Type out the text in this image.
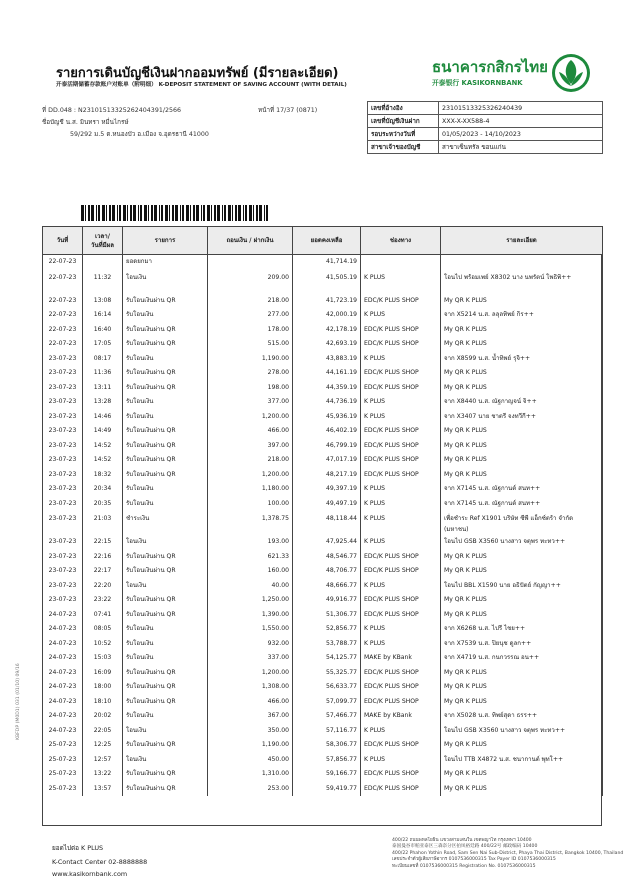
รายการเดินบัญชีเงินฝากออมทรัพย์ (มีรายละเอียด)
开泰活期储蓄存款账户对账单（附明细） K-DEPOSIT STATEMENT OF SAVING ACCOUNT (WITH DETAIL)
ธนาคารกสิกรไทย
开泰银行 KASIKORNBANK
ที่ DD.048 : N23101513325262404391/2566	หน้าที่ 17/37 (0871)
ชื่อบัญชี น.ส. มินทรา หมื่นไกรษ์
59/292 ม.5 ต.หนองบัว อ.เมือง จ.อุดรธานี 41000
เลขที่อ้างอิง	23101513325326240439
เลขที่บัญชีเงินฝาก	XXX-X-XX588-4
รอบระหว่างวันที่	01/05/2023 - 14/10/2023
สาขาเจ้าของบัญชี	สาขาเซ็นทรัล ขอนแก่น
วันที่	เวลา/
วันที่มีผล	รายการ	ถอนเงิน / ฝากเงิน	ยอดคงเหลือ	ช่องทาง	รายละเอียด
22-07-23		ยอดยกมา		41,714.19		
22-07-23	11:32	โอนเงิน	209.00	41,505.19	K PLUS	โอนไป พร้อมเพย์ X8302 นาง นพรัตน์ โพธิพิ++
22-07-23	13:08	รับโอนเงินผ่าน QR	218.00	41,723.19	EDC/K PLUS SHOP	My QR K PLUS
22-07-23	16:14	รับโอนเงิน	277.00	42,000.19	K PLUS	จาก X5214 น.ส. ลลุลทิพย์ กิร++
22-07-23	16:40	รับโอนเงินผ่าน QR	178.00	42,178.19	EDC/K PLUS SHOP	My QR K PLUS
22-07-23	17:05	รับโอนเงินผ่าน QR	515.00	42,693.19	EDC/K PLUS SHOP	My QR K PLUS
23-07-23	08:17	รับโอนเงิน	1,190.00	43,883.19	K PLUS	จาก X8599 น.ส. น้ำทิพย์ รุจิ++
23-07-23	11:36	รับโอนเงินผ่าน QR	278.00	44,161.19	EDC/K PLUS SHOP	My QR K PLUS
23-07-23	13:11	รับโอนเงินผ่าน QR	198.00	44,359.19	EDC/K PLUS SHOP	My QR K PLUS
23-07-23	13:28	รับโอนเงิน	377.00	44,736.19	K PLUS	จาก X8440 น.ส. ณัฐกาญจน์ จิ++
23-07-23	14:46	รับโอนเงิน	1,200.00	45,936.19	K PLUS	จาก X3407 นาย ชาตรี จงทวีกี++
23-07-23	14:49	รับโอนเงินผ่าน QR	466.00	46,402.19	EDC/K PLUS SHOP	My QR K PLUS
23-07-23	14:52	รับโอนเงินผ่าน QR	397.00	46,799.19	EDC/K PLUS SHOP	My QR K PLUS
23-07-23	14:52	รับโอนเงินผ่าน QR	218.00	47,017.19	EDC/K PLUS SHOP	My QR K PLUS
23-07-23	18:32	รับโอนเงินผ่าน QR	1,200.00	48,217.19	EDC/K PLUS SHOP	My QR K PLUS
23-07-23	20:34	รับโอนเงิน	1,180.00	49,397.19	K PLUS	จาก X7145 น.ส. ณัฐกานต์ สนท++
23-07-23	20:35	รับโอนเงิน	100.00	49,497.19	K PLUS	จาก X7145 น.ส. ณัฐกานต์ สนท++
23-07-23	21:03	ชำระเงิน	1,378.75	48,118.44	K PLUS	เพื่อชำระ Ref X1901 บริษัท ซีพี แอ็กซ์ตร้า จำกัด (มหาชน)
23-07-23	22:15	โอนเงิน	193.00	47,925.44	K PLUS	โอนไป GSB X3560 นางสาว จตุพร ทะทว++
23-07-23	22:16	รับโอนเงินผ่าน QR	621.33	48,546.77	EDC/K PLUS SHOP	My QR K PLUS
23-07-23	22:17	รับโอนเงินผ่าน QR	160.00	48,706.77	EDC/K PLUS SHOP	My QR K PLUS
23-07-23	22:20	โอนเงิน	40.00	48,666.77	K PLUS	โอนไป BBL X1590 นาย อธิปัตย์ กัญญา++
23-07-23	23:22	รับโอนเงินผ่าน QR	1,250.00	49,916.77	EDC/K PLUS SHOP	My QR K PLUS
24-07-23	07:41	รับโอนเงินผ่าน QR	1,390.00	51,306.77	EDC/K PLUS SHOP	My QR K PLUS
24-07-23	08:05	รับโอนเงิน	1,550.00	52,856.77	K PLUS	จาก X6268 น.ส. ไปรี ไชย++
24-07-23	10:52	รับโอนเงิน	932.00	53,788.77	K PLUS	จาก X7539 น.ส. ปิยนุช ดูลก++
24-07-23	15:03	รับโอนเงิน	337.00	54,125.77	MAKE by KBank	จาก X4719 น.ส. กนกวรรณ อน++
24-07-23	16:09	รับโอนเงินผ่าน QR	1,200.00	55,325.77	EDC/K PLUS SHOP	My QR K PLUS
24-07-23	18:00	รับโอนเงินผ่าน QR	1,308.00	56,633.77	EDC/K PLUS SHOP	My QR K PLUS
24-07-23	18:10	รับโอนเงินผ่าน QR	466.00	57,099.77	EDC/K PLUS SHOP	My QR K PLUS
24-07-23	20:02	รับโอนเงิน	367.00	57,466.77	MAKE by KBank	จาก X5028 น.ส. ทิพย์สุดา ธรร++
24-07-23	22:05	โอนเงิน	350.00	57,116.77	K PLUS	โอนไป GSB X3560 นางสาว จตุพร ทะทว++
25-07-23	12:25	รับโอนเงินผ่าน QR	1,190.00	58,306.77	EDC/K PLUS SHOP	My QR K PLUS
25-07-23	12:57	โอนเงิน	450.00	57,856.77	K PLUS	โอนไป TTB X4872 น.ส. ชนากานต์ พุทโ++
25-07-23	13:22	รับโอนเงินผ่าน QR	1,310.00	59,166.77	EDC/K PLUS SHOP	My QR K PLUS
25-07-23	13:57	รับโอนเงินผ่าน QR	253.00	59,419.77	EDC/K PLUS SHOP	My QR K PLUS
ยอดไปต่อ K PLUS
K-Contact Center 02-8888888
www.kasikornbank.com
400/22 ถนนพหลโยธิน แขวงสามเสนใน เขตพญาไท กรุงเทพฯ 10400
泰国曼谷市帕亚泰区三森奈分区拍凤裕廷路 400/22号 邮政编码 10400
400/22 Phahon Yothin Road, Sam Sen Nai Sub-District, Phaya Thai District, Bangkok 10400, Thailand
เลขประจำตัวผู้เสียภาษีอากร 0107536000315 Tax Payer ID 0107536000315
ทะเบียนเลขที่ 0107536000315 Registration No. 0107536000315
KBFDP (M0D1) 031 (01/10) 09/16
